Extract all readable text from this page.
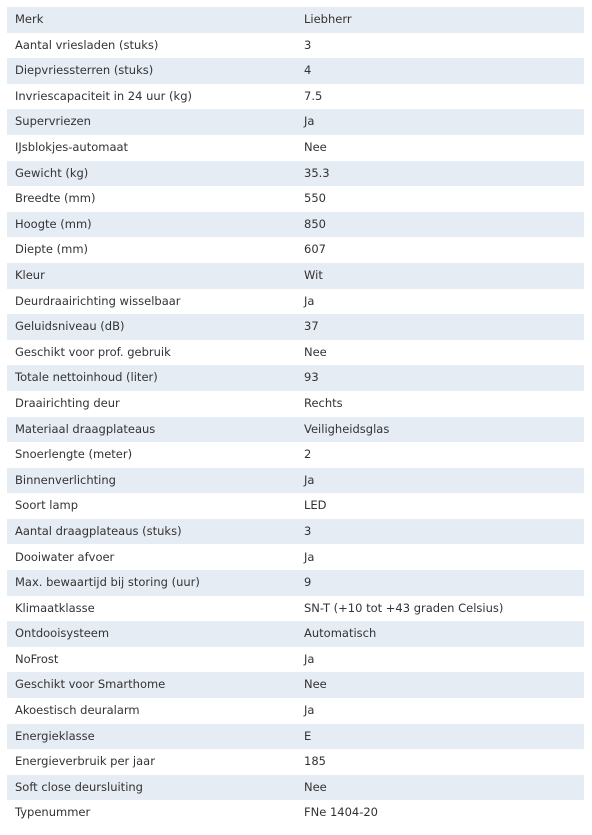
Merk	Liebherr
Aantal vriesladen (stuks)	3
Diepvriessterren (stuks)	4
Invriescapaciteit in 24 uur (kg)	7.5
Supervriezen	Ja
IJsblokjes-automaat	Nee
Gewicht (kg)	35.3
Breedte (mm)	550
Hoogte (mm)	850
Diepte (mm)	607
Kleur	Wit
Deurdraairichting wisselbaar	Ja
Geluidsniveau (dB)	37
Geschikt voor prof. gebruik	Nee
Totale nettoinhoud (liter)	93
Draairichting deur	Rechts
Materiaal draagplateaus	Veiligheidsglas
Snoerlengte (meter)	2
Binnenverlichting	Ja
Soort lamp	LED
Aantal draagplateaus (stuks)	3
Dooiwater afvoer	Ja
Max. bewaartijd bij storing (uur)	9
Klimaatklasse	SN-T (+10 tot +43 graden Celsius)
Ontdooisysteem	Automatisch
NoFrost	Ja
Geschikt voor Smarthome	Nee
Akoestisch deuralarm	Ja
Energieklasse	E
Energieverbruik per jaar	185
Soft close deursluiting	Nee
Typenummer	FNe 1404-20
